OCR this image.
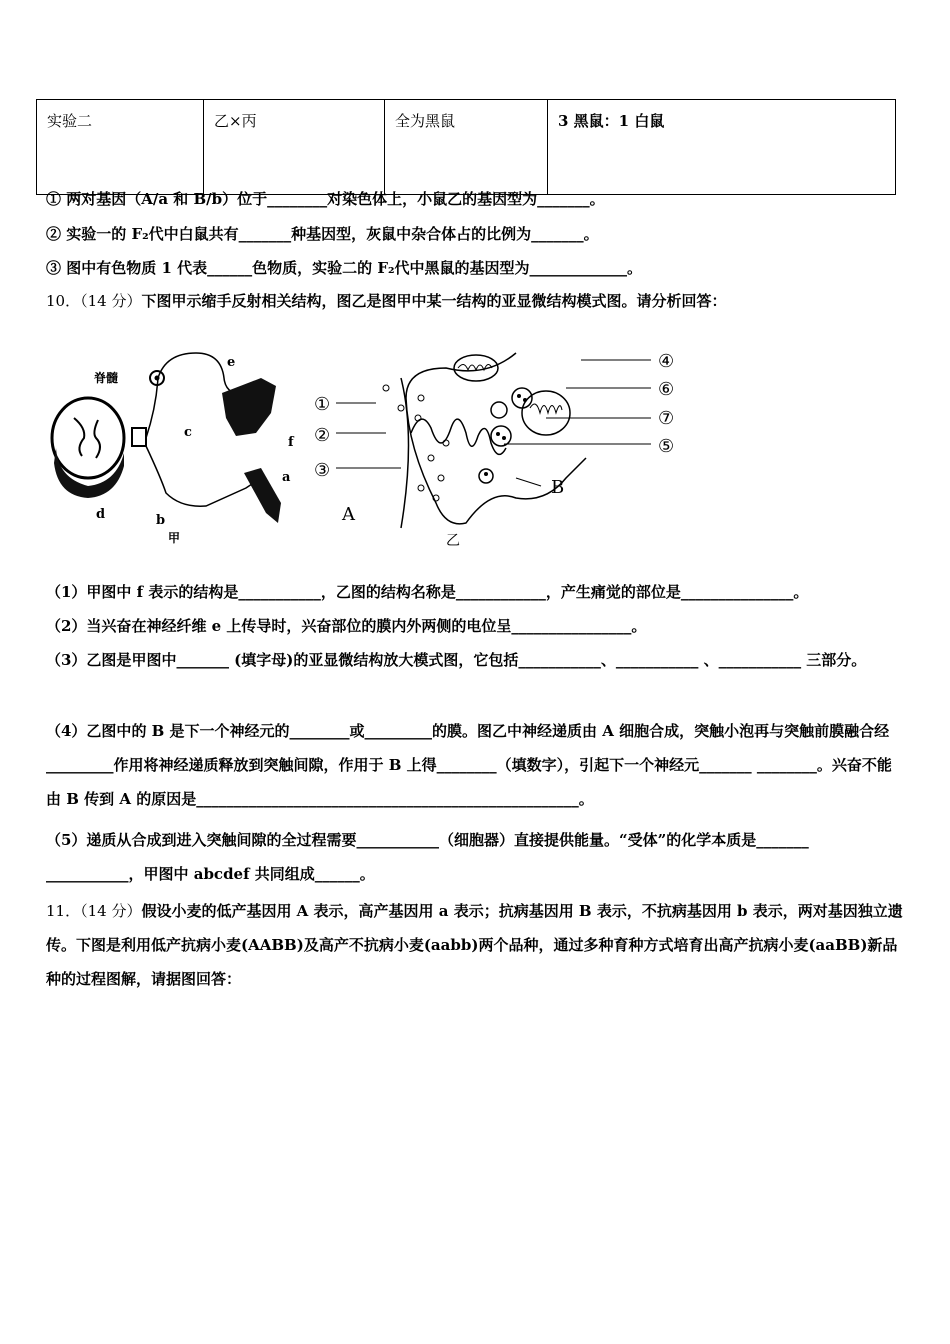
实验二	乙×丙	全为黑鼠	3 黑鼠：1 白鼠
① 两对基因（A/a 和 B/b）位于________对染色体上，小鼠乙的基因型为_______。
② 实验一的 F₂代中白鼠共有_______种基因型，灰鼠中杂合体占的比例为_______。
③ 图中有色物质 1 代表______色物质，实验二的 F₂代中黑鼠的基因型为_____________。
10．（14 分）下图甲示缩手反射相关结构，图乙是图甲中某一结构的亚显微结构模式图。请分析回答：
脊髓
e
c
f
a
d	b
甲
①
②
③
A
④
⑥
⑦
⑤
B
乙
（1）甲图中 f 表示的结构是___________，乙图的结构名称是____________，产生痛觉的部位是_______________。
（2）当兴奋在神经纤维 e 上传导时，兴奋部位的膜内外两侧的电位呈________________。
（3）乙图是甲图中_______ (填字母)的亚显微结构放大模式图，它包括___________、___________ 、___________ 三部分。
（4）乙图中的 B 是下一个神经元的________或_________的膜。图乙中神经递质由 A 细胞合成，突触小泡再与突触前膜融合经_________作用将神经递质释放到突触间隙，作用于 B 上得________（填数字），引起下一个神经元_______ ________。兴奋不能由 B 传到 A 的原因是___________________________________________________。
（5）递质从合成到进入突触间隙的全过程需要___________（细胞器）直接提供能量。“受体”的化学本质是_______ ___________，甲图中 abcdef 共同组成______。
11．（14 分）假设小麦的低产基因用 A 表示，高产基因用 a 表示；抗病基因用 B 表示，不抗病基因用 b 表示，两对基因独立遗传。下图是利用低产抗病小麦(AABB)及高产不抗病小麦(aabb)两个品种，通过多种育种方式培育出高产抗病小麦(aaBB)新品种的过程图解，请据图回答：
